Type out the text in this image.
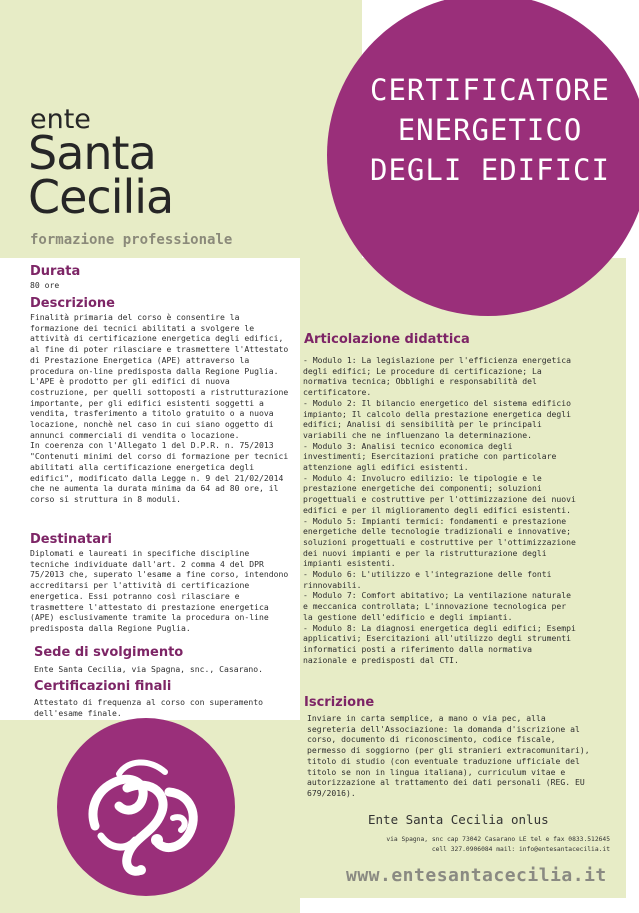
CERTIFICATORE
ENERGETICO
DEGLI EDIFICI
ente
Santa
Cecilia
formazione professionale
Durata
80 ore
Descrizione
Finalità primaria del corso è consentire la
formazione dei tecnici abilitati a svolgere le
attività di certificazione energetica degli edifici,
al fine di poter rilasciare e trasmettere l'Attestato
di Prestazione Energetica (APE) attraverso la
procedura on-line predisposta dalla Regione Puglia.
L'APE è prodotto per gli edifici di nuova
costruzione, per quelli sottoposti a ristrutturazione
importante, per gli edifici esistenti soggetti a
vendita, trasferimento a titolo gratuito o a nuova
locazione, nonchè nel caso in cui siano oggetto di
annunci commerciali di vendita o locazione.
In coerenza con l'Allegato 1 del D.P.R. n. 75/2013
"Contenuti minimi del corso di formazione per tecnici
abilitati alla certificazione energetica degli
edifici", modificato dalla Legge n. 9 del 21/02/2014
che ne aumenta la durata minima da 64 ad 80 ore, il
corso si struttura in 8 moduli.
Destinatari
Diplomati e laureati in specifiche discipline
tecniche individuate dall'art. 2 comma 4 del DPR
75/2013 che, superato l'esame a fine corso, intendono
accreditarsi per l'attività di certificazione
energetica. Essi potranno così rilasciare e
trasmettere l'attestato di prestazione energetica
(APE) esclusivamente tramite la procedura on-line
predisposta dalla Regione Puglia.
Sede di svolgimento
Ente Santa Cecilia, via Spagna, snc., Casarano.
Certificazioni finali
Attestato di frequenza al corso con superamento
dell'esame finale.
Articolazione didattica
- Modulo 1: La legislazione per l'efficienza energetica
degli edifici; Le procedure di certificazione; La
normativa tecnica; Obblighi e responsabilità del
certificatore.
- Modulo 2: Il bilancio energetico del sistema edificio
impianto; Il calcolo della prestazione energetica degli
edifici; Analisi di sensibilità per le principali
variabili che ne influenzano la determinazione.
- Modulo 3: Analisi tecnico economica degli
investimenti; Esercitazioni pratiche con particolare
attenzione agli edifici esistenti.
- Modulo 4: Involucro edilizio: le tipologie e le
prestazione energetiche dei componenti; soluzioni
progettuali e costruttive per l'ottimizzazione dei nuovi
edifici e per il miglioramento degli edifici esistenti.
- Modulo 5: Impianti termici: fondamenti e prestazione
energetiche delle tecnologie tradizionali e innovative;
soluzioni progettuali e costruttive per l'ottimizzazione
dei nuovi impianti e per la ristrutturazione degli
impianti esistenti.
- Modulo 6: L'utilizzo e l'integrazione delle fonti
rinnovabili.
- Modulo 7: Comfort abitativo; La ventilazione naturale
e meccanica controllata; L'innovazione tecnologica per
la gestione dell'edificio e degli impianti.
- Modulo 8: La diagnosi energetica degli edifici; Esempi
applicativi; Esercitazioni all'utilizzo degli strumenti
informatici posti a riferimento dalla normativa
nazionale e predisposti dal CTI.
Iscrizione
Inviare in carta semplice, a mano o via pec, alla
segreteria dell'Associazione: la domanda d'iscrizione al
corso, documento di riconoscimento, codice fiscale,
permesso di soggiorno (per gli stranieri extracomunitari),
titolo di studio (con eventuale traduzione ufficiale del
titolo se non in lingua italiana), curriculum vitae e
autorizzazione al trattamento dei dati personali (REG. EU
679/2016).
Ente Santa Cecilia onlus
via Spagna, snc cap 73042 Casarano LE tel e fax 0833.512645
cell 327.0906084 mail: info@entesantacecilia.it
www.entesantacecilia.it
